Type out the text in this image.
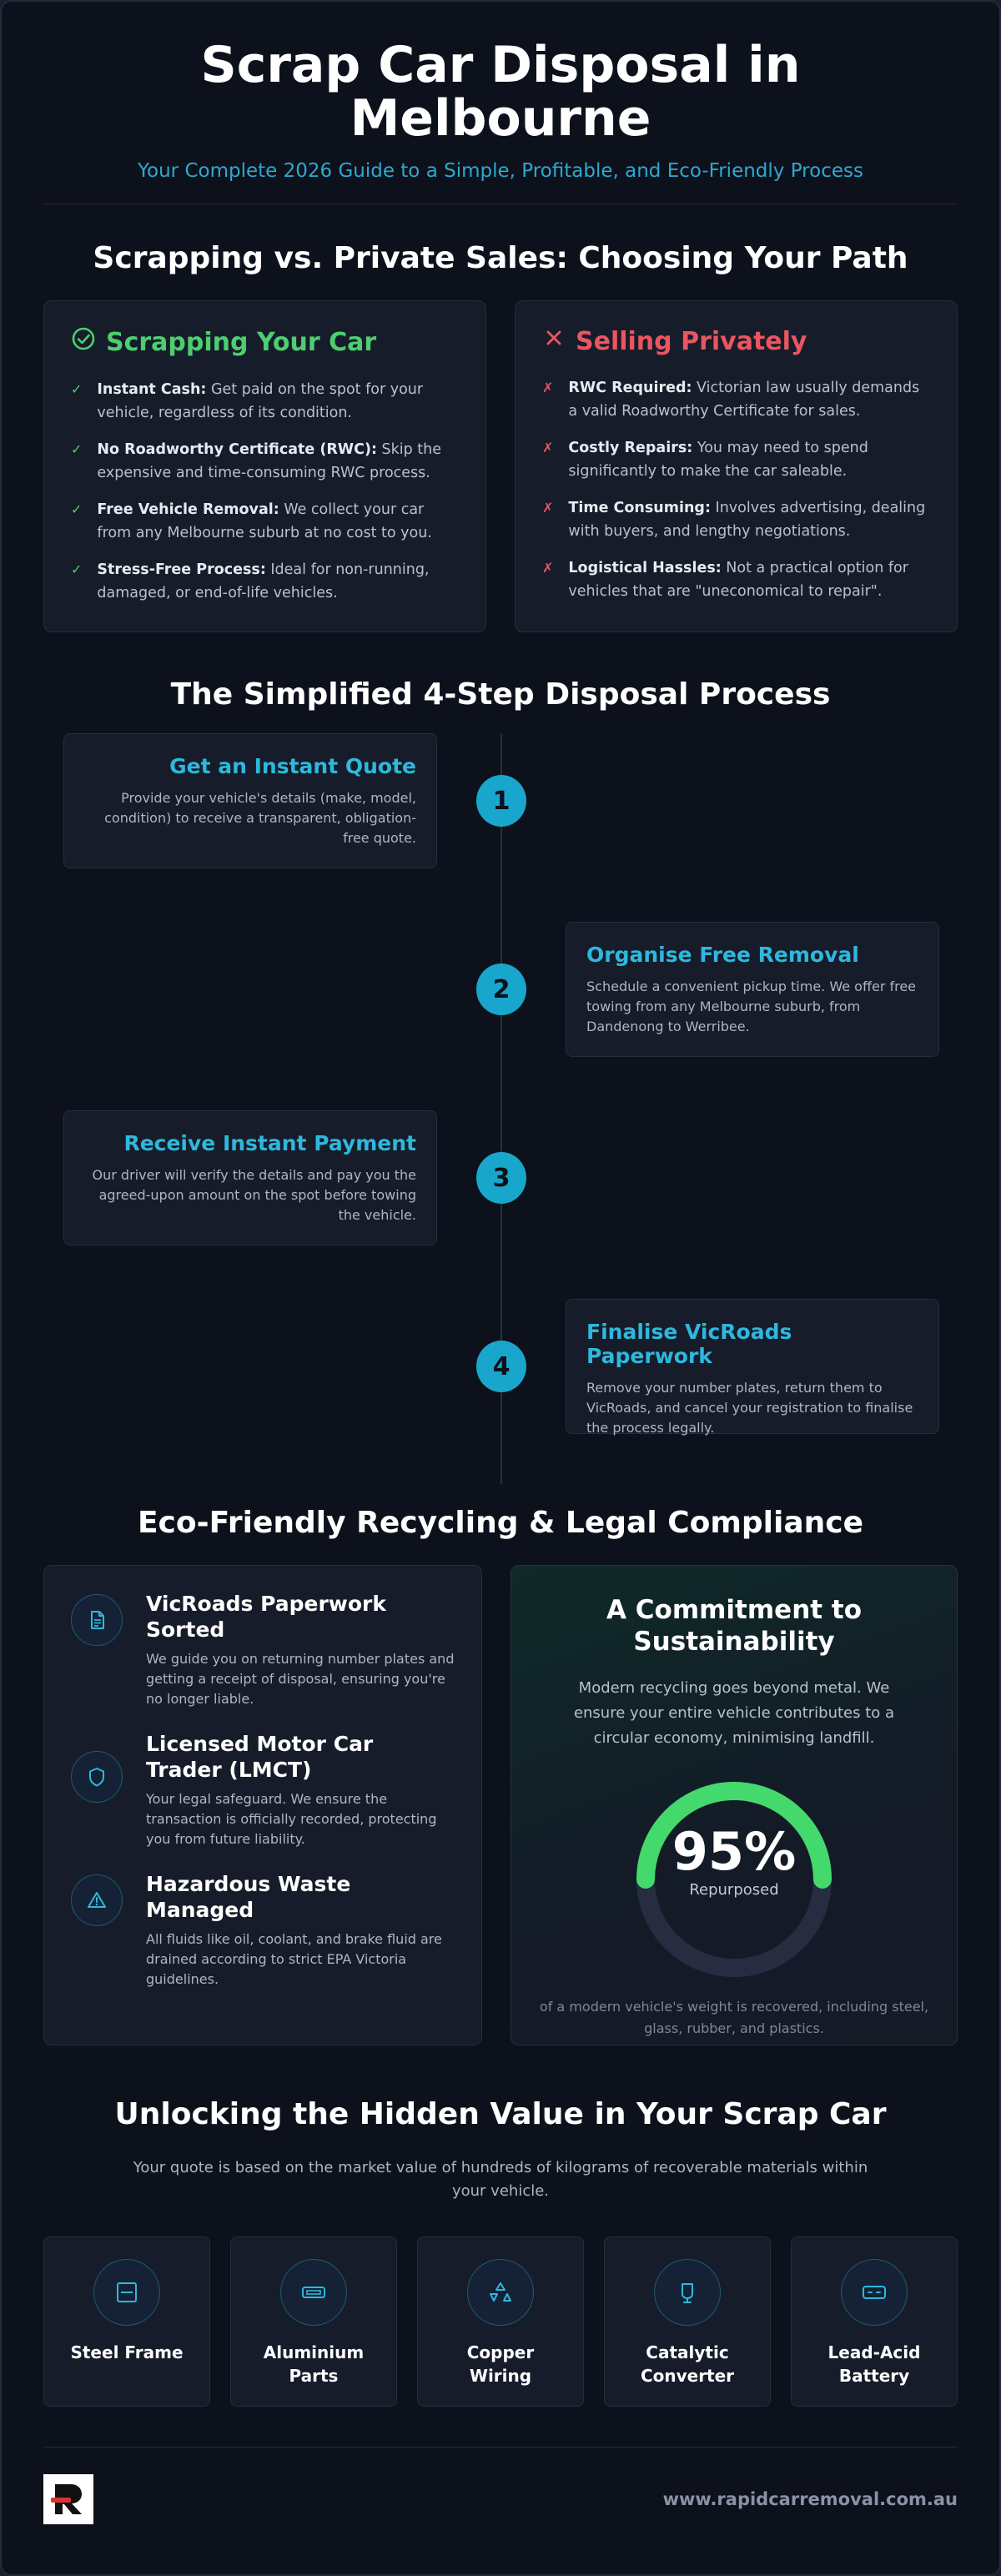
Scrap Car Disposal in Melbourne
Your Complete 2026 Guide to a Simple, Profitable, and Eco-Friendly Process
Scrapping vs. Private Sales: Choosing Your Path
Scrapping Your Car
✓ Instant Cash: Get paid on the spot for your vehicle, regardless of its condition.
✓ No Roadworthy Certificate (RWC): Skip the expensive and time-consuming RWC process.
✓ Free Vehicle Removal: We collect your car from any Melbourne suburb at no cost to you.
✓ Stress-Free Process: Ideal for non-running, damaged, or end-of-life vehicles.
Selling Privately
✗ RWC Required: Victorian law usually demands a valid Roadworthy Certificate for sales.
✗ Costly Repairs: You may need to spend significantly to make the car saleable.
✗ Time Consuming: Involves advertising, dealing with buyers, and lengthy negotiations.
✗ Logistical Hassles: Not a practical option for vehicles that are "uneconomical to repair".
The Simplified 4-Step Disposal Process
Get an Instant Quote
Provide your vehicle's details (make, model, condition) to receive a transparent, obligation-free quote.
1
Organise Free Removal
Schedule a convenient pickup time. We offer free towing from any Melbourne suburb, from Dandenong to Werribee.
2
Receive Instant Payment
Our driver will verify the details and pay you the agreed-upon amount on the spot before towing the vehicle.
3
Finalise VicRoads Paperwork
Remove your number plates, return them to VicRoads, and cancel your registration to finalise the process legally.
4
Eco-Friendly Recycling & Legal Compliance
VicRoads Paperwork Sorted
We guide you on returning number plates and getting a receipt of disposal, ensuring you're no longer liable.
Licensed Motor Car Trader (LMCT)
Your legal safeguard. We ensure the transaction is officially recorded, protecting you from future liability.
Hazardous Waste Managed
All fluids like oil, coolant, and brake fluid are drained according to strict EPA Victoria guidelines.
A Commitment to Sustainability
Modern recycling goes beyond metal. We ensure your entire vehicle contributes to a circular economy, minimising landfill.
95%
Repurposed
of a modern vehicle's weight is recovered, including steel, glass, rubber, and plastics.
Unlocking the Hidden Value in Your Scrap Car
Your quote is based on the market value of hundreds of kilograms of recoverable materials within your vehicle.
Steel Frame	Aluminium Parts
Copper Wiring
Catalytic Converter
Lead-Acid Battery
www.rapidcarremoval.com.au
